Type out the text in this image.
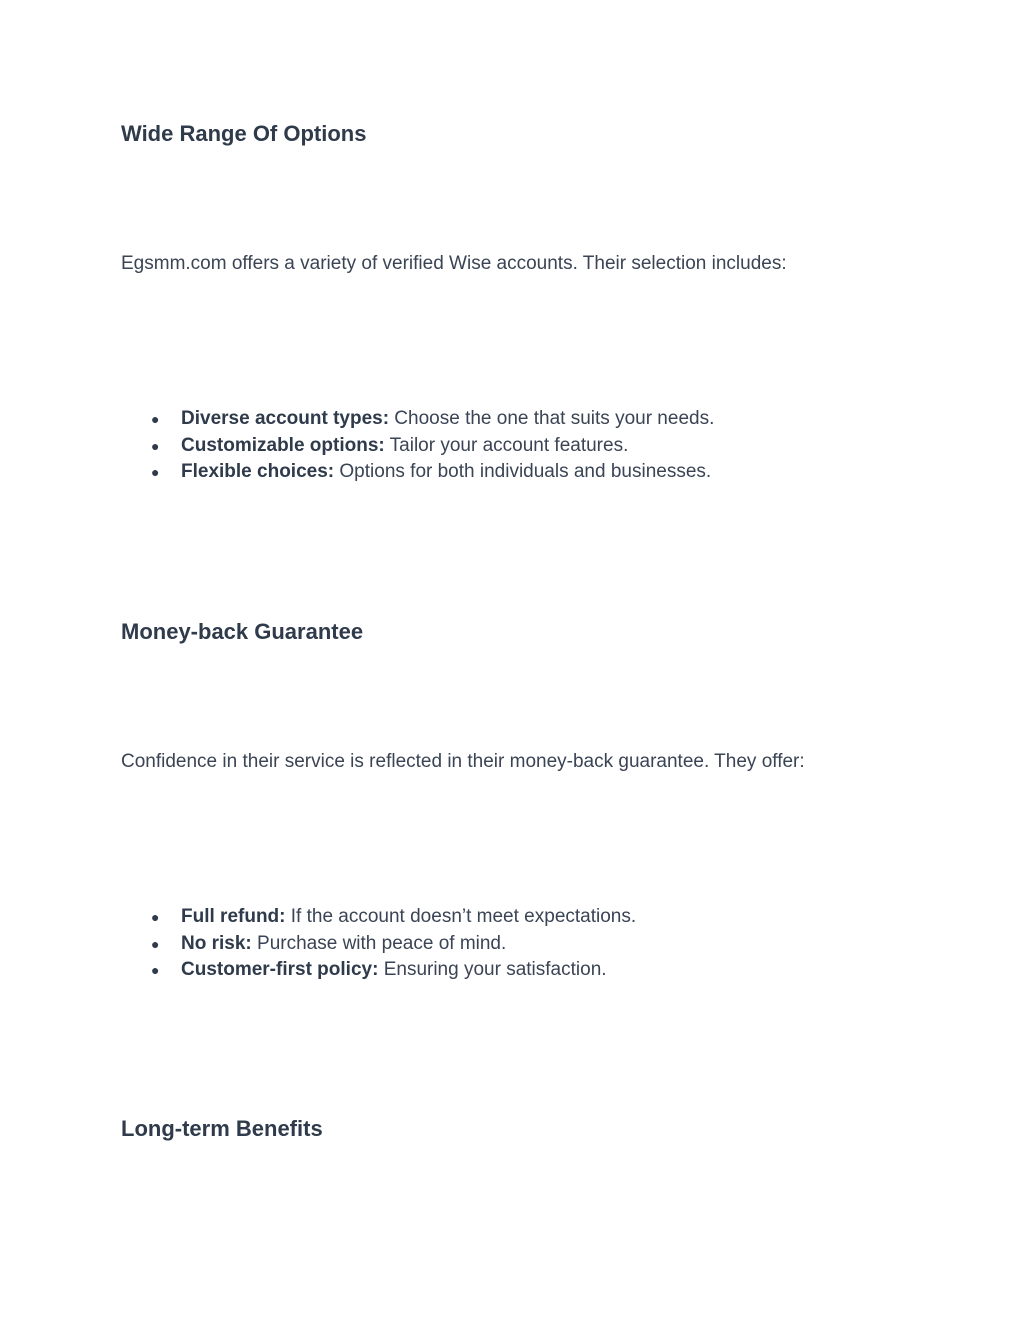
Wide Range Of Options

Egsmm.com offers a variety of verified Wise accounts. Their selection includes:

● Diverse account types: Choose the one that suits your needs.
● Customizable options: Tailor your account features.
● Flexible choices: Options for both individuals and businesses.
Money-back Guarantee

Confidence in their service is reflected in their money-back guarantee. They offer:

● Full refund: If the account doesn’t meet expectations.
● No risk: Purchase with peace of mind.
● Customer-first policy: Ensuring your satisfaction.
Long-term Benefits
